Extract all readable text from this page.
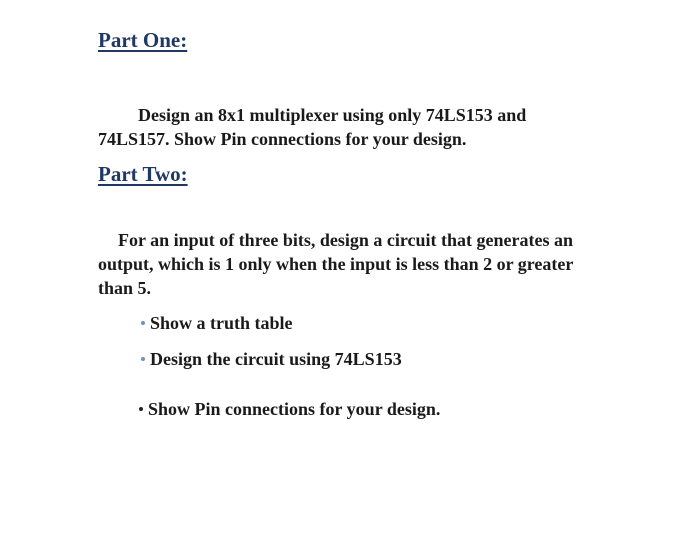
Part One:
Design an 8x1 multiplexer using only 74LS153 and
74LS157. Show Pin connections for your design.
Part Two:
For an input of three bits, design a circuit that generates an
output, which is 1 only when the input is less than 2 or greater
than 5.
Show a truth table
Design the circuit using 74LS153
Show Pin connections for your design.
